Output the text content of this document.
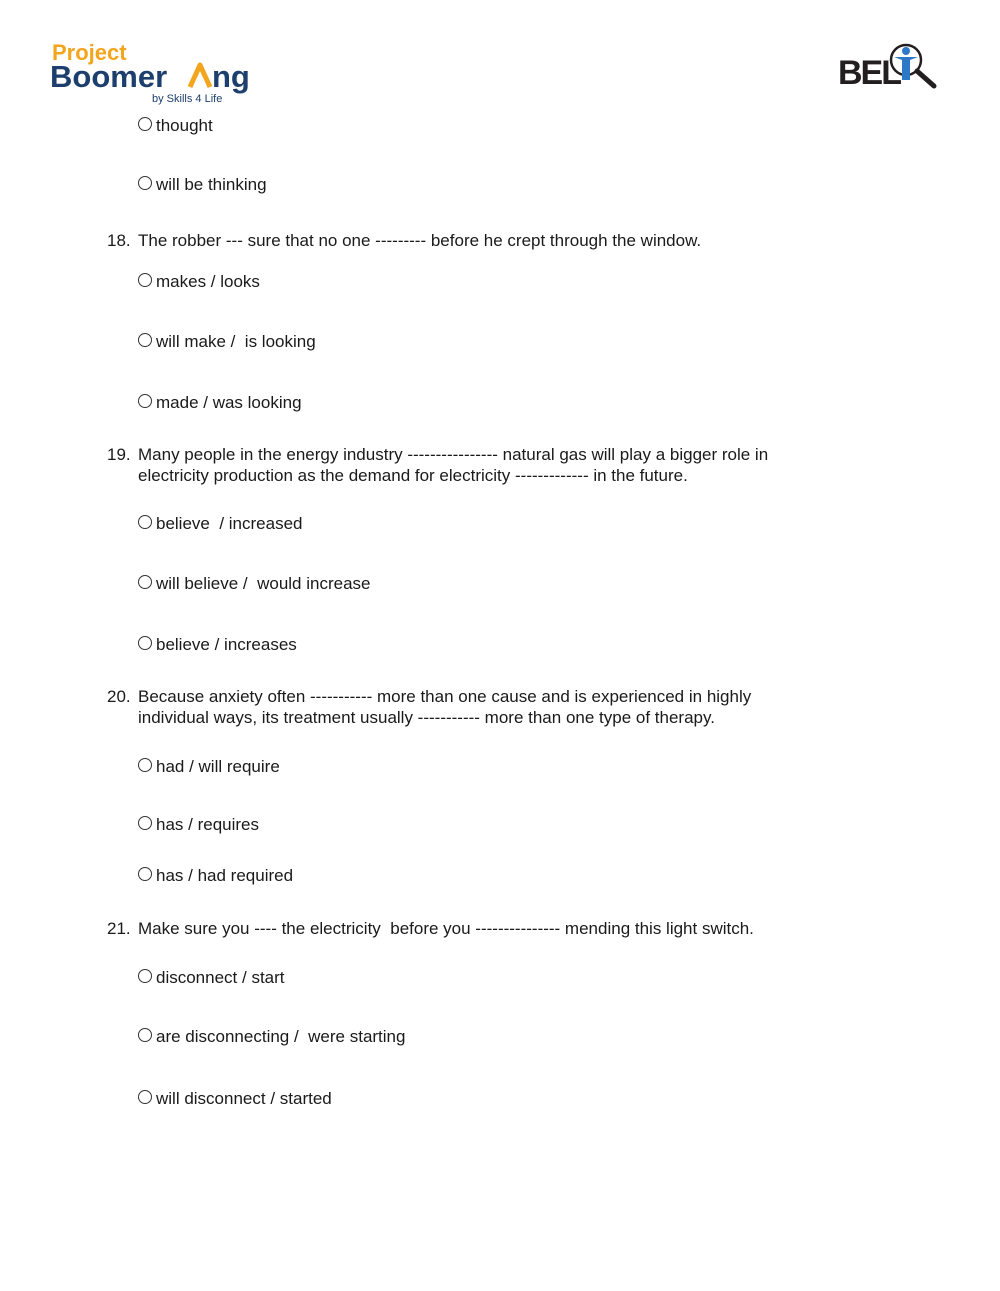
Project
Boomer ng
by Skills 4 Life
BEL
thought
will be thinking
18. The robber --- sure that no one --------- before he crept through the window.
makes / looks
will make /  is looking
made / was looking
19. Many people in the energy industry ---------------- natural gas will play a bigger role in
electricity production as the demand for electricity ------------- in the future.
believe  / increased
will believe /  would increase
believe / increases
20. Because anxiety often ----------- more than one cause and is experienced in highly
individual ways, its treatment usually ----------- more than one type of therapy.
had / will require
has / requires
has / had required
21. Make sure you ---- the electricity  before you --------------- mending this light switch.
disconnect / start
are disconnecting /  were starting
will disconnect / started
